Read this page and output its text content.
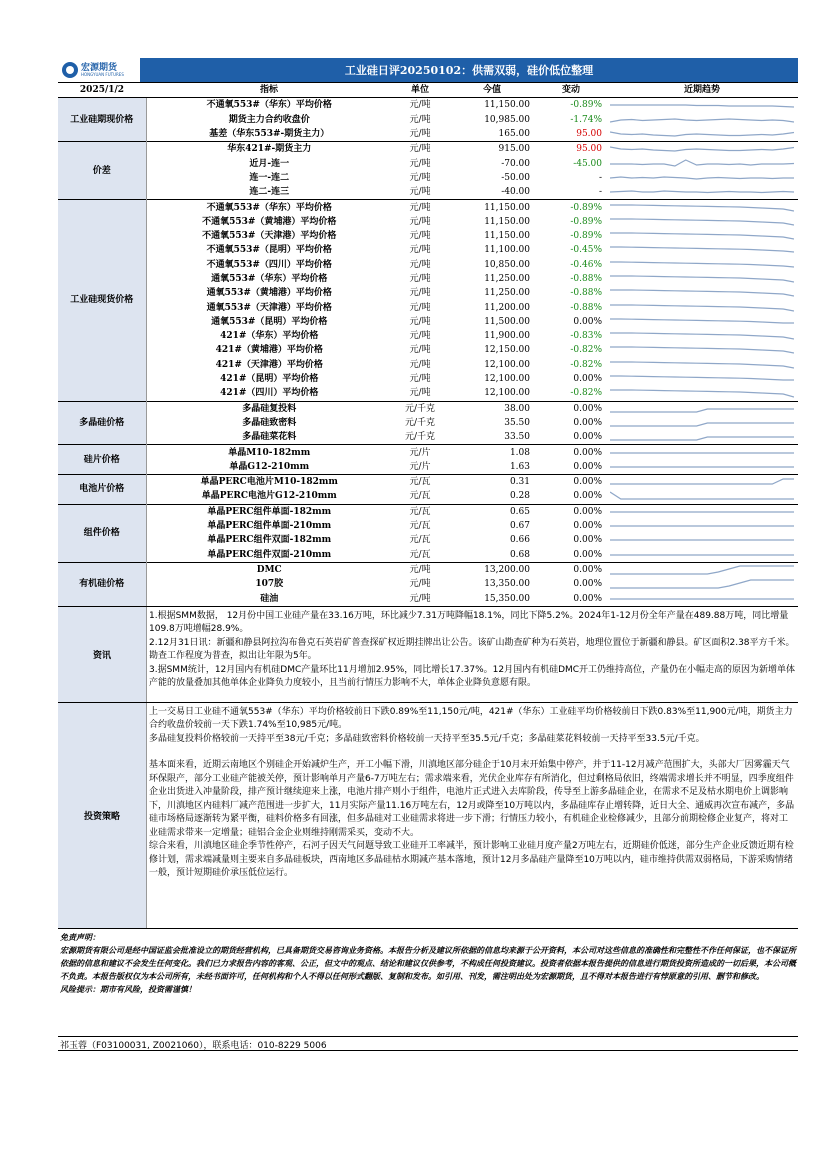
宏源期货
HONGYUAN FUTURES	工业硅日评20250102：供需双弱，硅价低位整理
2025/1/2	指标	单位	今值	变动	近期趋势
工业硅期现价格	不通氧553#（华东）平均价格	元/吨	11,150.00	-0.89%	

	期货主力合约收盘价	元/吨	10,985.00	-1.74%	

	基差（华东553#-期货主力）	元/吨	165.00	95.00	

价差	华东421#-期货主力	元/吨	915.00	95.00	

	近月-连一	元/吨	-70.00	-45.00	

	连一-连二	元/吨	-50.00	-	

	连二-连三	元/吨	-40.00	-	

工业硅现货价格	不通氧553#（华东）平均价格	元/吨	11,150.00	-0.89%	

	不通氧553#（黄埔港）平均价格	元/吨	11,150.00	-0.89%	

	不通氧553#（天津港）平均价格	元/吨	11,150.00	-0.89%	

	不通氧553#（昆明）平均价格	元/吨	11,100.00	-0.45%	

	不通氧553#（四川）平均价格	元/吨	10,850.00	-0.46%	

	通氧553#（华东）平均价格	元/吨	11,250.00	-0.88%	

	通氧553#（黄埔港）平均价格	元/吨	11,250.00	-0.88%	

	通氧553#（天津港）平均价格	元/吨	11,200.00	-0.88%	

	通氧553#（昆明）平均价格	元/吨	11,500.00	0.00%	

	421#（华东）平均价格	元/吨	11,900.00	-0.83%	

	421#（黄埔港）平均价格	元/吨	12,150.00	-0.82%	

	421#（天津港）平均价格	元/吨	12,100.00	-0.82%	

	421#（昆明）平均价格	元/吨	12,100.00	0.00%	

	421#（四川）平均价格	元/吨	12,100.00	-0.82%	

多晶硅价格	多晶硅复投料	元/千克	38.00	0.00%	

	多晶硅致密料	元/千克	35.50	0.00%	

	多晶硅菜花料	元/千克	33.50	0.00%	

硅片价格	单晶M10-182mm	元/片	1.08	0.00%	

	单晶G12-210mm	元/片	1.63	0.00%	

电池片价格	单晶PERC电池片M10-182mm	元/瓦	0.31	0.00%	

	单晶PERC电池片G12-210mm	元/瓦	0.28	0.00%	

组件价格	单晶PERC组件单面-182mm	元/瓦	0.65	0.00%	

	单晶PERC组件单面-210mm	元/瓦	0.67	0.00%	

	单晶PERC组件双面-182mm	元/瓦	0.66	0.00%	

	单晶PERC组件双面-210mm	元/瓦	0.68	0.00%	

有机硅价格	DMC	元/吨	13,200.00	0.00%	

	107胶	元/吨	13,350.00	0.00%	

	硅油	元/吨	15,350.00	0.00%	
资讯

1.根据SMM数据， 12月份中国工业硅产量在33.16万吨，环比减少7.31万吨降幅18.1%，同比下降5.2%。2024年1-12月份全年产量在489.88万吨，同比增量109.8万吨增幅28.9%。

2.12月31日讯：新疆和静县阿拉沟布鲁克石英岩矿普查探矿权近期挂牌出让公告。该矿山勘查矿种为石英岩，地理位置位于新疆和静县。矿区面积2.38平方千米。勘查工作程度为普查，拟出让年限为5年。

3.据SMM统计，12月国内有机硅DMC产量环比11月增加2.95%，同比增长17.37%。12月国内有机硅DMC开工仍维持高位，产量仍在小幅走高的原因为新增单体产能的放量叠加其他单体企业降负力度较小，且当前行情压力影响不大，单体企业降负意愿有限。

投资策略

上一交易日工业硅不通氧553#（华东）平均价格较前日下跌0.89%至11,150元/吨，421#（华东）工业硅平均价格较前日下跌0.83%至11,900元/吨，期货主力合约收盘价较前一天下跌1.74%至10,985元/吨。

多晶硅复投料价格较前一天持平至38元/千克；多晶硅致密料价格较前一天持平至35.5元/千克；多晶硅菜花料较前一天持平至33.5元/千克。

基本面来看，近期云南地区个别硅企开始减炉生产，开工小幅下滑，川滇地区部分硅企于10月末开始集中停产，并于11-12月减产范围扩大，头部大厂因雾霾天气环保限产，部分工业硅产能被关停，预计影响单月产量6-7万吨左右；需求端来看，光伏企业库存有所消化，但过剩格局依旧，终端需求增长并不明显，四季度组件企业出货进入冲量阶段，排产预计继续迎来上涨，电池片排产则小于组件，电池片正式进入去库阶段，传导至上游多晶硅企业，在需求不足及枯水期电价上调影响下，川滇地区内硅料厂减产范围进一步扩大，11月实际产量11.16万吨左右，12月或降至10万吨以内，多晶硅库存止增转降，近日大全、通威再次宣布减产，多晶硅市场格局逐渐转为紧平衡，硅料价格多有回涨，但多晶硅对工业硅需求将进一步下滑；行情压力较小，有机硅企业检修减少，且部分前期检修企业复产，将对工业硅需求带来一定增量；硅铝合金企业则维持刚需采买，变动不大。

综合来看，川滇地区硅企季节性停产，石河子因天气问题导致工业硅开工率减半，预计影响工业硅月度产量2万吨左右，近期硅价低迷，部分生产企业反馈近期有检修计划，需求端减量则主要来自多晶硅板块，西南地区多晶硅枯水期减产基本落地，预计12月多晶硅产量降至10万吨以内，硅市维持供需双弱格局，下游采购情绪一般，预计短期硅价承压低位运行。

免责声明：

宏源期货有限公司是经中国证监会批准设立的期货经营机构，已具备期货交易咨询业务资格。本报告分析及建议所依据的信息均来源于公开资料，本公司对这些信息的准确性和完整性不作任何保证，也不保证所依据的信息和建议不会发生任何变化。我们已力求报告内容的客观、公正，但文中的观点、结论和建议仅供参考，不构成任何投资建议。投资者依据本报告提供的信息进行期货投资所造成的一切后果，本公司概不负责。本报告版权仅为本公司所有，未经书面许可，任何机构和个人不得以任何形式翻版、复制和发布。如引用、刊发，需注明出处为宏源期货，且不得对本报告进行有悖原意的引用、删节和修改。

风险提示：期市有风险，投资需谨慎！

祁玉蓉（F03100031, Z0021060），联系电话：010-8229 5006
